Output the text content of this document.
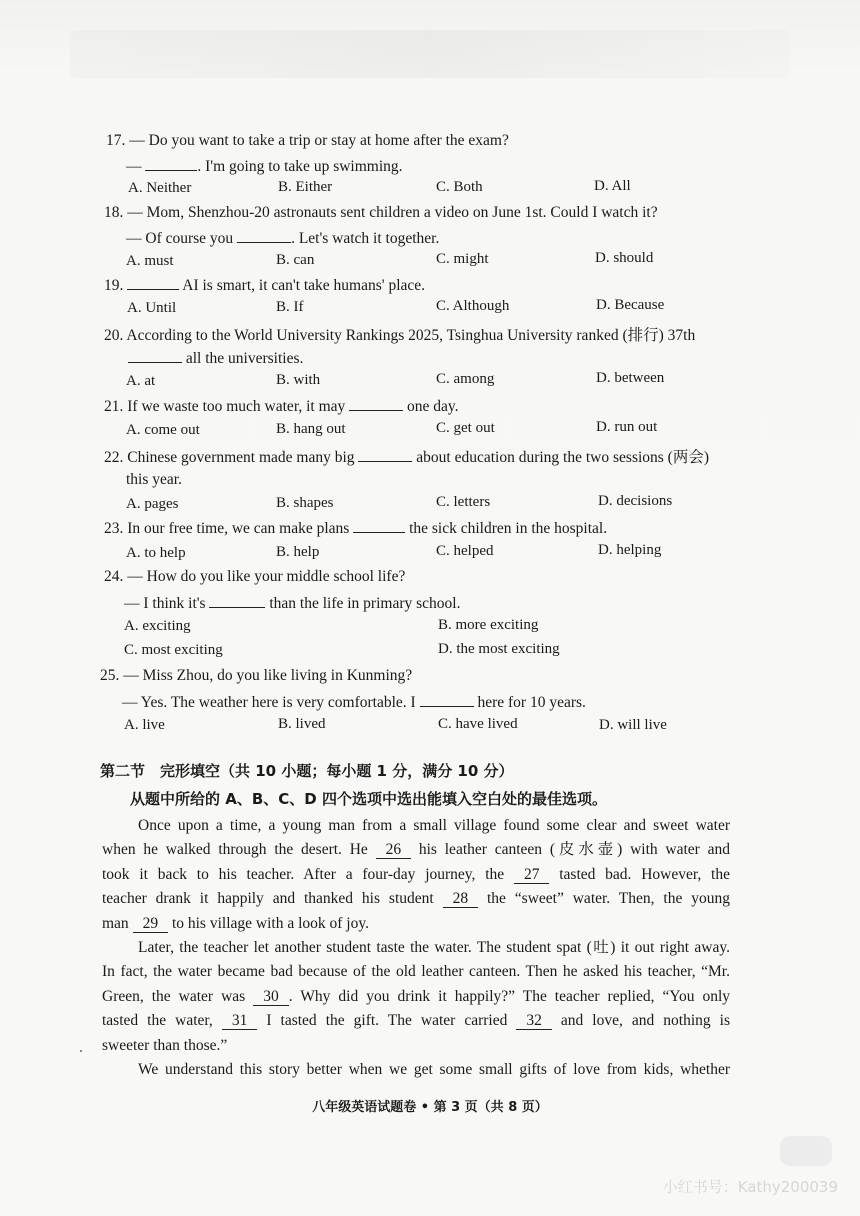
17. — Do you want to take a trip or stay at home after the exam?
—	. I'm going to take up swimming.
A. Neither	B. Either	C. Both	D. All
18. — Mom, Shenzhou-20 astronauts sent children a video on June 1st. Could I watch it?
— Of course you	. Let's watch it together.
A. must	B. can	C. might	D. should
19.	AI is smart, it can't take humans' place.
A. Until	B. If	C. Although	D. Because
20. According to the World University Rankings 2025, Tsinghua University ranked (排行) 37th
all the universities.
A. at	B. with	C. among	D. between
21. If we waste too much water, it may	one day.
A. come out	B. hang out	C. get out	D. run out
22. Chinese government made many big	about education during the two sessions (两会)
this year.
A. pages	B. shapes	C. letters	D. decisions
23. In our free time, we can make plans	the sick children in the hospital.
A. to help	B. help	C. helped	D. helping
24. — How do you like your middle school life?
— I think it's	than the life in primary school.
A. exciting	B. more exciting
C. most exciting	D. the most exciting
25. — Miss Zhou, do you like living in Kunming?
— Yes. The weather here is very comfortable. I	here for 10 years.
A. live	B. lived	C. have lived	D. will live
第二节　完形填空（共 10 小题；每小题 1 分，满分 10 分）
从题中所给的 A、B、C、D 四个选项中选出能填入空白处的最佳选项。
Once upon a time, a young man from a small village found some clear and sweet water
when he walked through the desert. He 26 his leather canteen (皮水壶) with water and
took it back to his teacher. After a four-day journey, the 27 tasted bad. However, the
teacher drank it happily and thanked his student 28 the “sweet” water. Then, the young
man 29 to his village with a look of joy.
Later, the teacher let another student taste the water. The student spat (吐) it out right away.
In fact, the water became bad because of the old leather canteen. Then he asked his teacher, “Mr.
Green, the water was 30 . Why did you drink it happily?” The teacher replied, “You only
tasted the water, 31 I tasted the gift. The water carried 32 and love, and nothing is
sweeter than those.”
We understand this story better when we get some small gifts of love from kids, whether
八年级英语试题卷 • 第 3 页（共 8 页）
小红书号：Kathy200039
